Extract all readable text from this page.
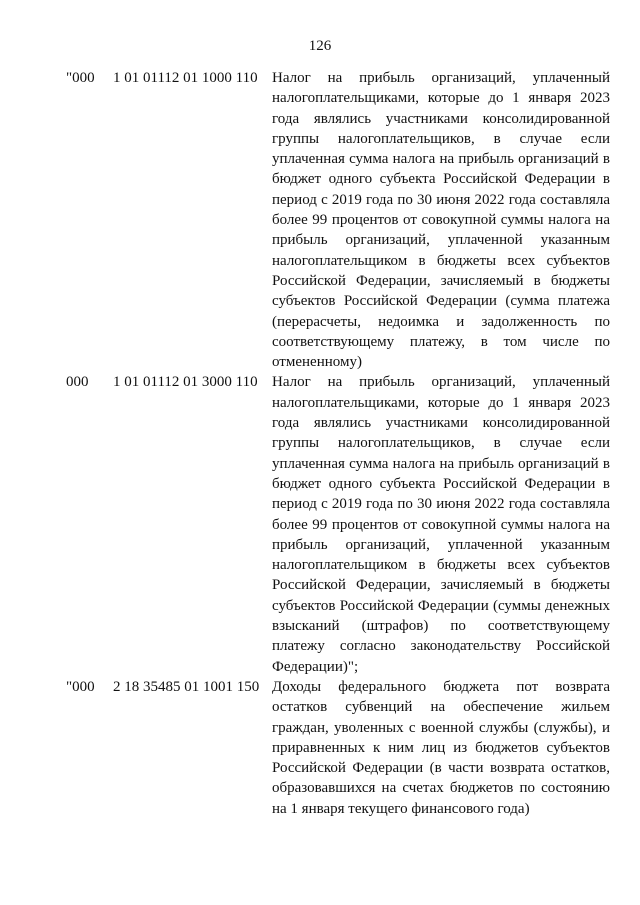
126
"000 1 01 01112 01 1000 110 Налог на прибыль организаций, уплаченный налогоплательщиками, которые до 1 января 2023 года являлись участниками консолидированной группы налогоплательщиков, в случае если уплаченная сумма налога на прибыль организаций в бюджет одного субъекта Российской Федерации в период с 2019 года по 30 июня 2022 года составляла более 99 процентов от совокупной суммы налога на прибыль организаций, уплаченной указанным налогоплательщиком в бюджеты всех субъектов Российской Федерации, зачисляемый в бюджеты субъектов Российской Федерации (сумма платежа (перерасчеты, недоимка и задолженность по соответствующему платежу, в том числе по отмененному)
000 1 01 01112 01 3000 110 Налог на прибыль организаций, уплаченный налогоплательщиками, которые до 1 января 2023 года являлись участниками консолидированной группы налогоплательщиков, в случае если уплаченная сумма налога на прибыль организаций в бюджет одного субъекта Российской Федерации в период с 2019 года по 30 июня 2022 года составляла более 99 процентов от совокупной суммы налога на прибыль организаций, уплаченной указанным налогоплательщиком в бюджеты всех субъектов Российской Федерации, зачисляемый в бюджеты субъектов Российской Федерации (суммы денежных взысканий (штрафов) по соответствующему платежу согласно законодательству Российской Федерации)";
"000 2 18 35485 01 1001 150 Доходы федерального бюджета пот возврата остатков субвенций на обеспечение жильем граждан, уволенных с военной службы (службы), и приравненных к ним лиц из бюджетов субъектов Российской Федерации (в части возврата остатков, образовавшихся на счетах бюджетов по состоянию на 1 января текущего финансового года)
